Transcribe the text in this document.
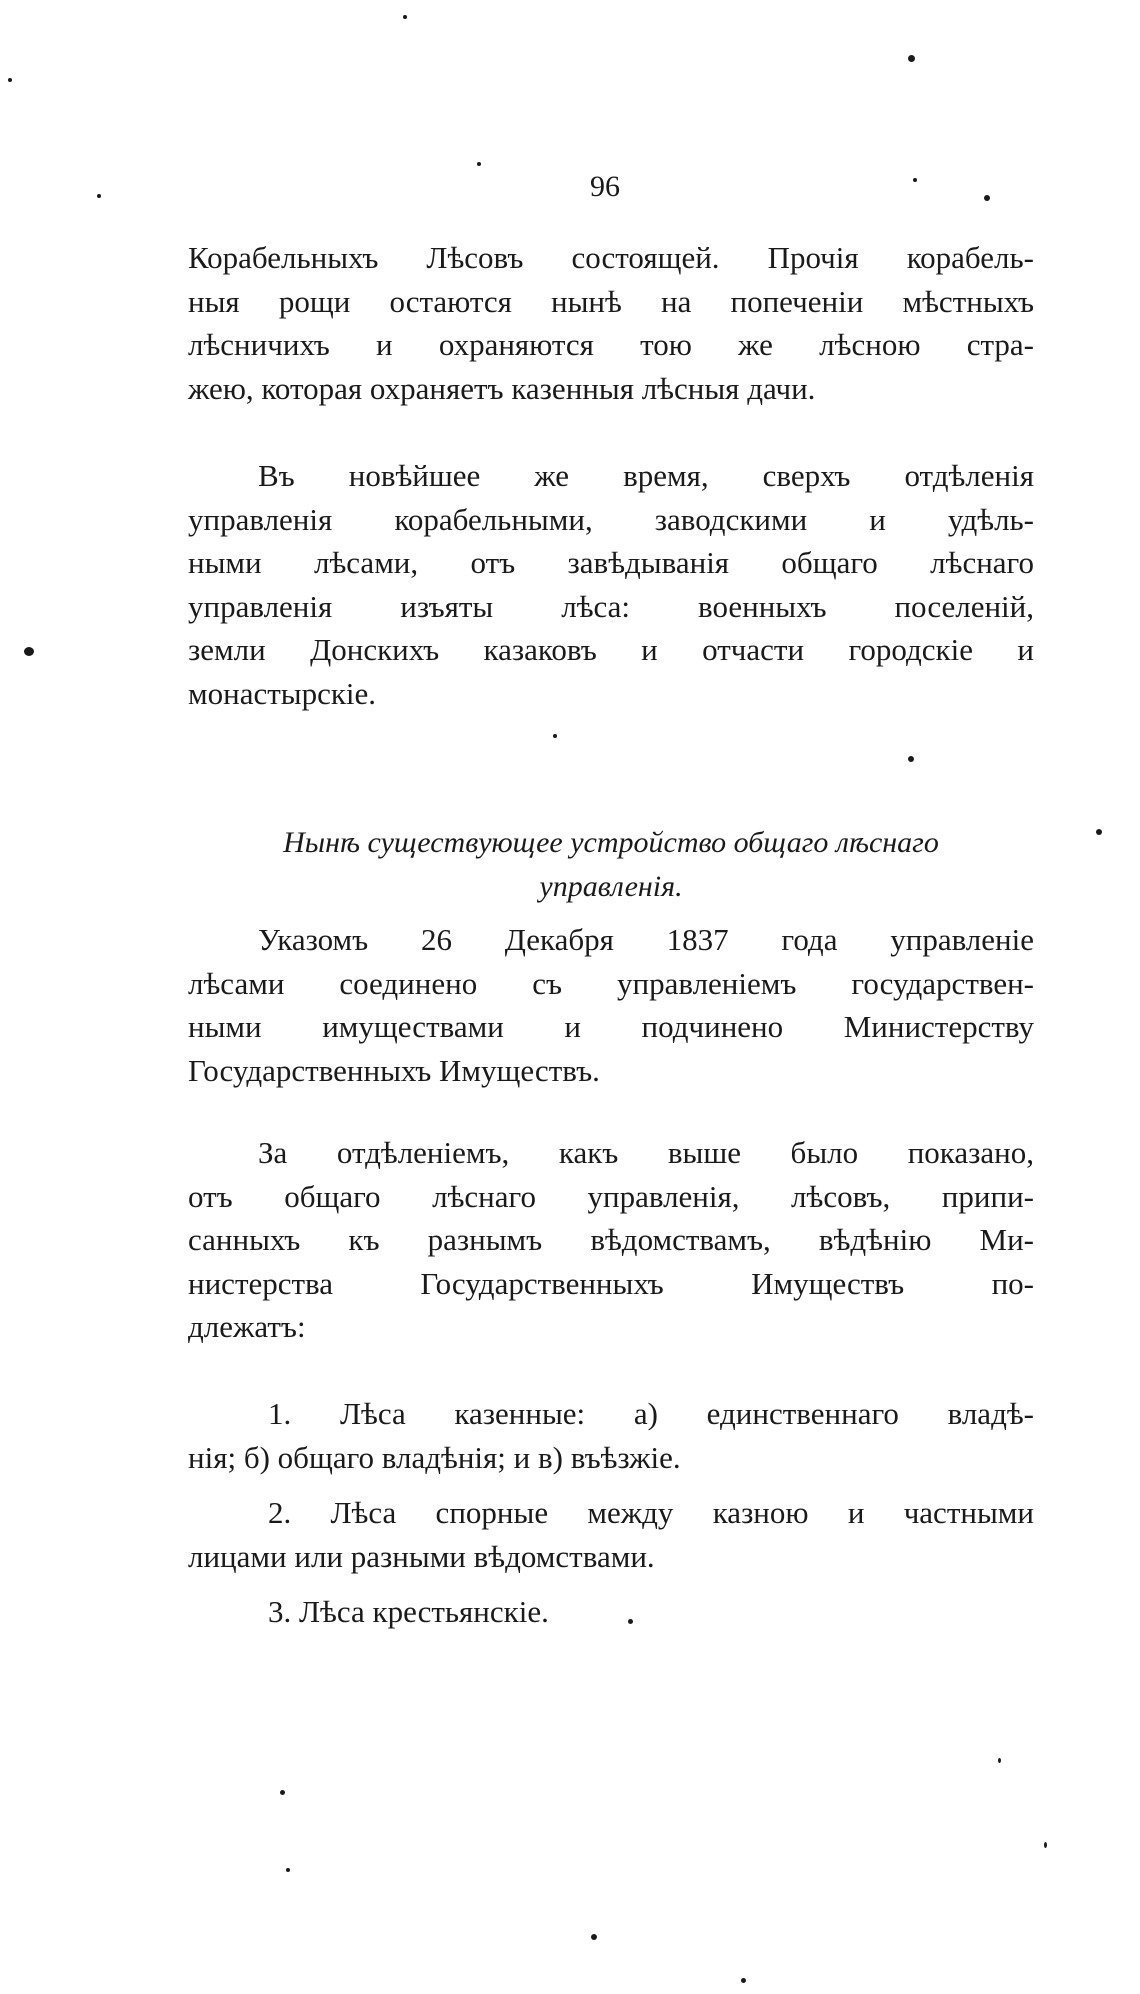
96
Корабельныхъ Лѣсовъ состоящей. Прочія корабель-
ныя рощи остаются нынѣ на попеченіи мѣстныхъ
лѣсничихъ и охраняются тою же лѣсною стра-
жею, которая охраняетъ казенныя лѣсныя дачи.
Въ новѣйшее же время, сверхъ отдѣленія
управленія корабельными, заводскими и удѣль-
ными лѣсами, отъ завѣдыванія общаго лѣснаго
управленія изъяты лѣса: военныхъ поселеній,
земли Донскихъ казаковъ и отчасти городскіе и
монастырскіе.
Нынѣ существующее устройство общаго лѣснаго
управленія.
Указомъ 26 Декабря 1837 года управленіе
лѣсами соединено съ управленіемъ государствен-
ными имуществами и подчинено Министерству
Государственныхъ Имуществъ.
За отдѣленіемъ, какъ выше было показано,
отъ общаго лѣснаго управленія, лѣсовъ, припи-
санныхъ къ разнымъ вѣдомствамъ, вѣдѣнію Ми-
нистерства Государственныхъ Имуществъ по-
длежатъ:
1. Лѣса казенные: а) единственнаго владѣ-
нія; б) общаго владѣнія; и в) въѣзжіе.
2. Лѣса спорные между казною и частными
лицами или разными вѣдомствами.
3. Лѣса крестьянскіе.
